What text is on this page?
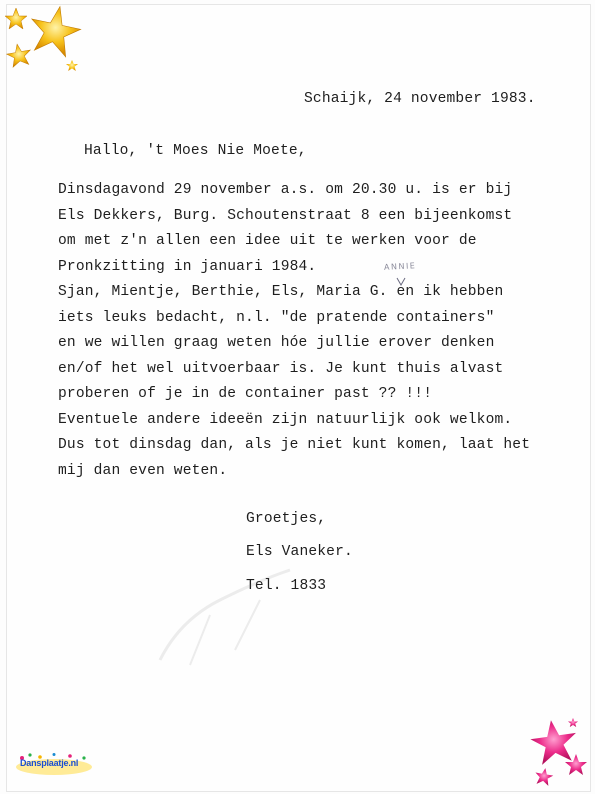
Schaijk, 24 november 1983.
Hallo, 't Moes Nie Moete,
Dinsdagavond 29 november a.s. om 20.30 u. is er bij
Els Dekkers, Burg. Schoutenstraat 8 een bijeenkomst
om met z'n allen een idee uit te werken voor de
Pronkzitting in januari 1984.
Sjan, Mientje, Berthie, Els, Maria G. en ik hebben
iets leuks bedacht, n.l. "de pratende containers"
en we willen graag weten hóe jullie erover denken
en/of het wel uitvoerbaar is. Je kunt thuis alvast
proberen of je in de container past ?? !!!
Eventuele andere ideeën zijn natuurlijk ook welkom.
Dus tot dinsdag dan, als je niet kunt komen, laat het
mij dan even weten.
ANNIE
Groetjes,
Els Vaneker.
Tel. 1833
Dansplaatje.nl
